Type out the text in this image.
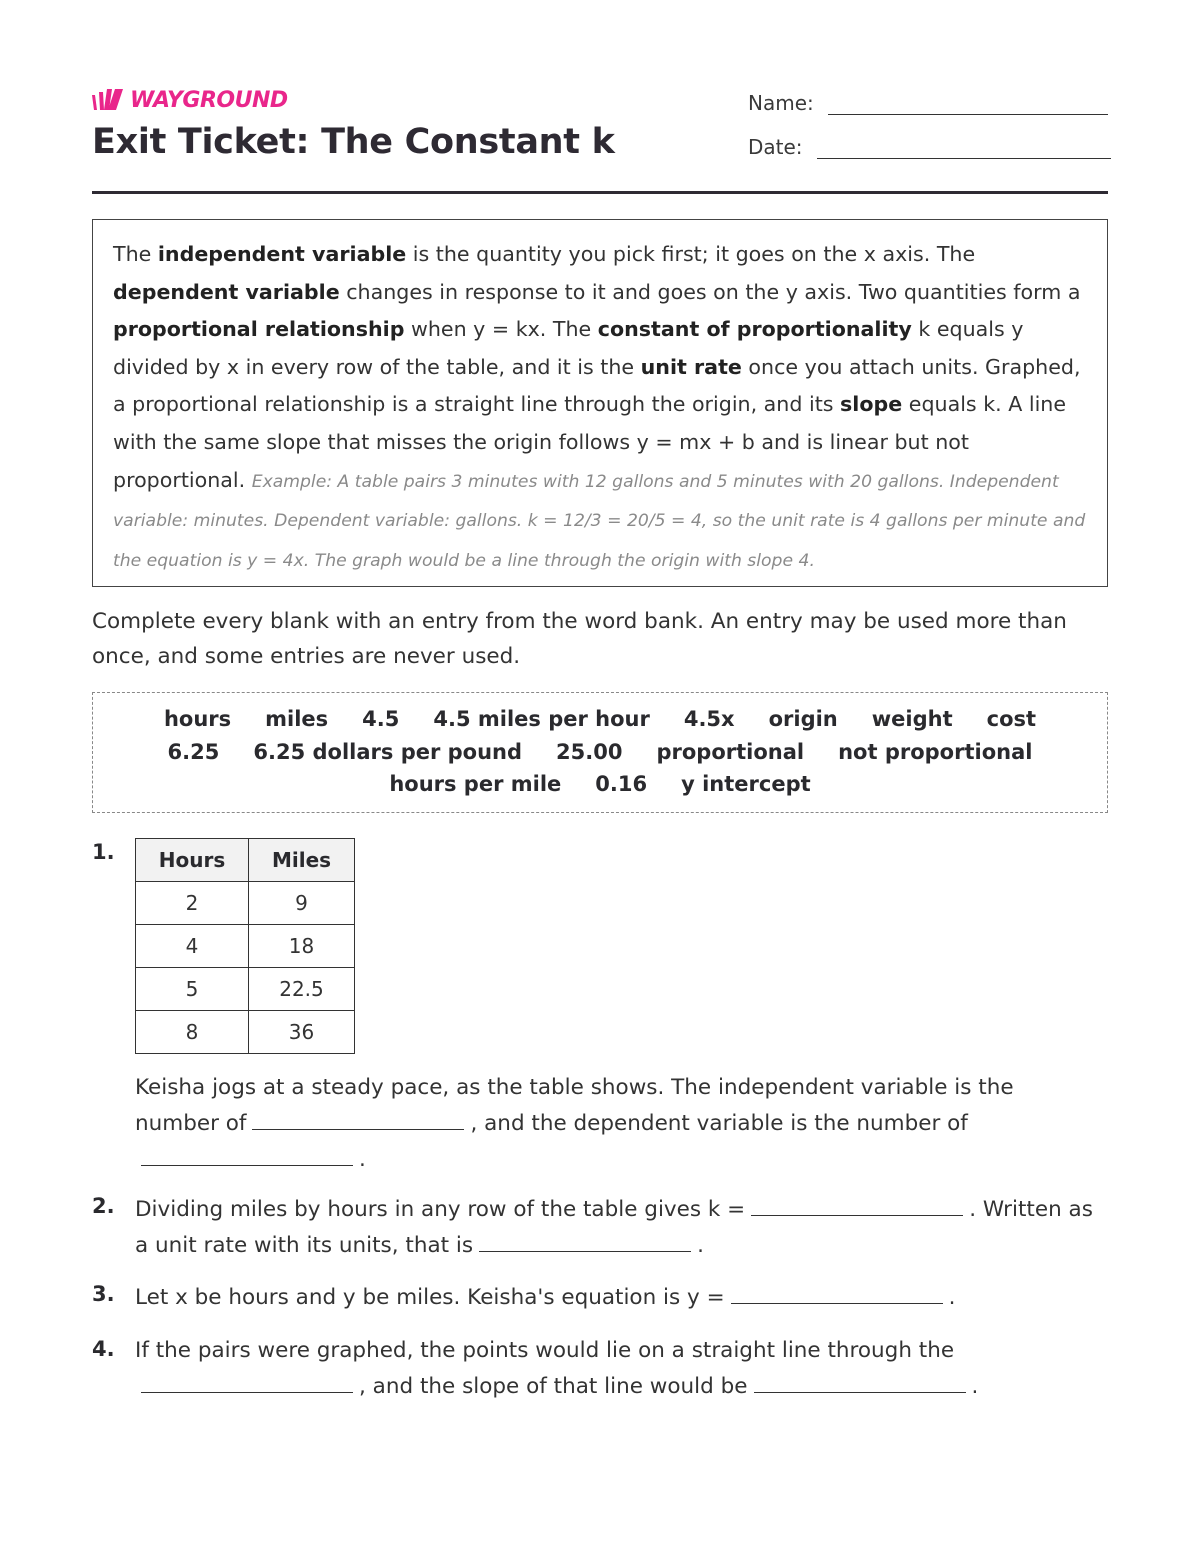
WAYGROUND
Exit Ticket: The Constant k
Name:
Date:

The independent variable is the quantity you pick first; it goes on the x axis. The dependent variable changes in response to it and goes on the y axis. Two quantities form a proportional relationship when y = kx. The constant of proportionality k equals y divided by x in every row of the table, and it is the unit rate once you attach units. Graphed, a proportional relationship is a straight line through the origin, and its slope equals k. A line with the same slope that misses the origin follows y = mx + b and is linear but not proportional. Example: A table pairs 3 minutes with 12 gallons and 5 minutes with 20 gallons. Independent variable: minutes. Dependent variable: gallons. k = 12/3 = 20/5 = 4, so the unit rate is 4 gallons per minute and the equation is y = 4x. The graph would be a line through the origin with slope 4.

Complete every blank with an entry from the word bank. An entry may be used more than once, and some entries are never used.

hours miles 4.5 4.5 miles per hour 4.5x origin weight cost
6.25 6.25 dollars per pound 25.00 proportional not proportional
hours per mile 0.16 y intercept
1. Hours	Miles
2	9
4	18
5	22.5
8	36

Keisha jogs at a steady pace, as the table shows. The independent variable is the number of	, and the dependent variable is the number of
.

2. Dividing miles by hours in any row of the table gives k =	. Written as a unit rate with its units, that is	.

3. Let x be hours and y be miles. Keisha's equation is y =	.

4. If the pairs were graphed, the points would lie on a straight line through the
, and the slope of that line would be	.
